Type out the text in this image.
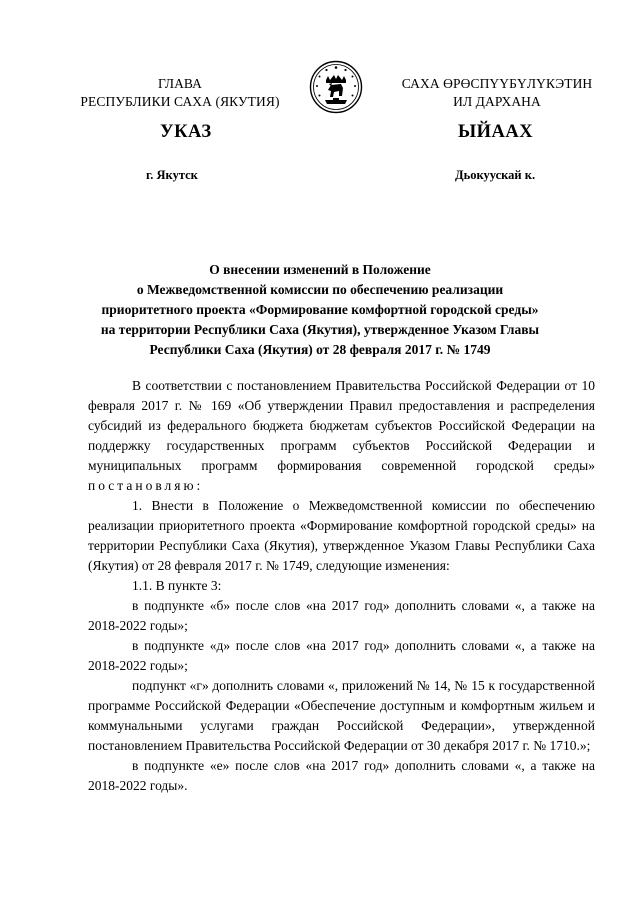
ГЛАВА
РЕСПУБЛИКИ САХА (ЯКУТИЯ)
САХА ӨРӨСПҮҮБҮЛҮКЭТИН
ИЛ ДАРХАНА
УКАЗ	ЫЙААХ
г. Якутск	Дьокуускай к.
О внесении изменений в Положение
о Межведомственной комиссии по обеспечению реализации
приоритетного проекта «Формирование комфортной городской среды»
на территории Республики Саха (Якутия), утвержденное Указом Главы
Республики Саха (Якутия) от 28 февраля 2017 г. № 1749

В соответствии с постановлением Правительства Российской Федерации от 10 февраля 2017 г. № 169 «Об утверждении Правил предоставления и распределения субсидий из федерального бюджета бюджетам субъектов Российской Федерации на поддержку государственных программ субъектов Российской Федерации и муниципальных программ формирования современной городской среды» постановляю:

1. Внести в Положение о Межведомственной комиссии по обеспечению реализации приоритетного проекта «Формирование комфортной городской среды» на территории Республики Саха (Якутия), утвержденное Указом Главы Республики Саха (Якутия) от 28 февраля 2017 г. № 1749, следующие изменения:

1.1. В пункте 3:

в подпункте «б» после слов «на 2017 год» дополнить словами «, а также на 2018-2022 годы»;

в подпункте «д» после слов «на 2017 год» дополнить словами «, а также на 2018-2022 годы»;

подпункт «г» дополнить словами «, приложений № 14, № 15 к государственной программе Российской Федерации «Обеспечение доступным и комфортным жильем и коммунальными услугами граждан Российской Федерации», утвержденной постановлением Правительства Российской Федерации от 30 декабря 2017 г. № 1710.»;

в подпункте «е» после слов «на 2017 год» дополнить словами «, а также на 2018-2022 годы».
